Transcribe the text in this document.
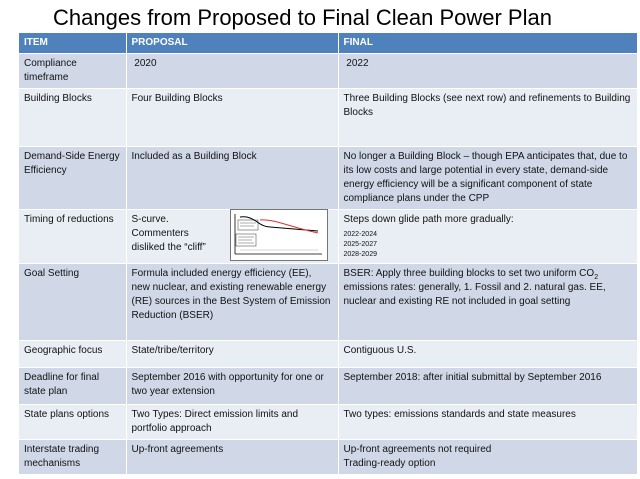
Changes from Proposed to Final Clean Power Plan
ITEM	PROPOSAL	FINAL
Compliance timeframe	2020	2022
Building Blocks	Four Building Blocks	Three Building Blocks (see next row) and refinements to Building Blocks
Demand-Side Energy Efficiency	Included as a Building Block	No longer a Building Block – though EPA anticipates that, due to its low costs and large potential in every state, demand-side energy efficiency will be a significant component of state compliance plans under the CPP
Timing of reductions	S-curve. Commenters disliked the “cliff”	Steps down glide path more gradually:
2022-2024
2025-2027
2028-2029

Goal Setting	Formula included energy efficiency (EE), new nuclear, and existing renewable energy (RE) sources in the Best System of Emission Reduction (BSER)	BSER: Apply three building blocks to set two uniform $CO_2$ emissions rates: generally, 1. Fossil and 2. natural gas. EE, nuclear and existing RE not included in goal setting
Geographic focus	State/tribe/territory	Contiguous U.S.
Deadline for final state plan	September 2016 with opportunity for one or two year extension	September 2018: after initial submittal by September 2016
State plans options	Two Types: Direct emission limits and portfolio approach	Two types: emissions standards and state measures
Interstate trading mechanisms	Up-front agreements	Up-front agreements not required
Trading-ready option
